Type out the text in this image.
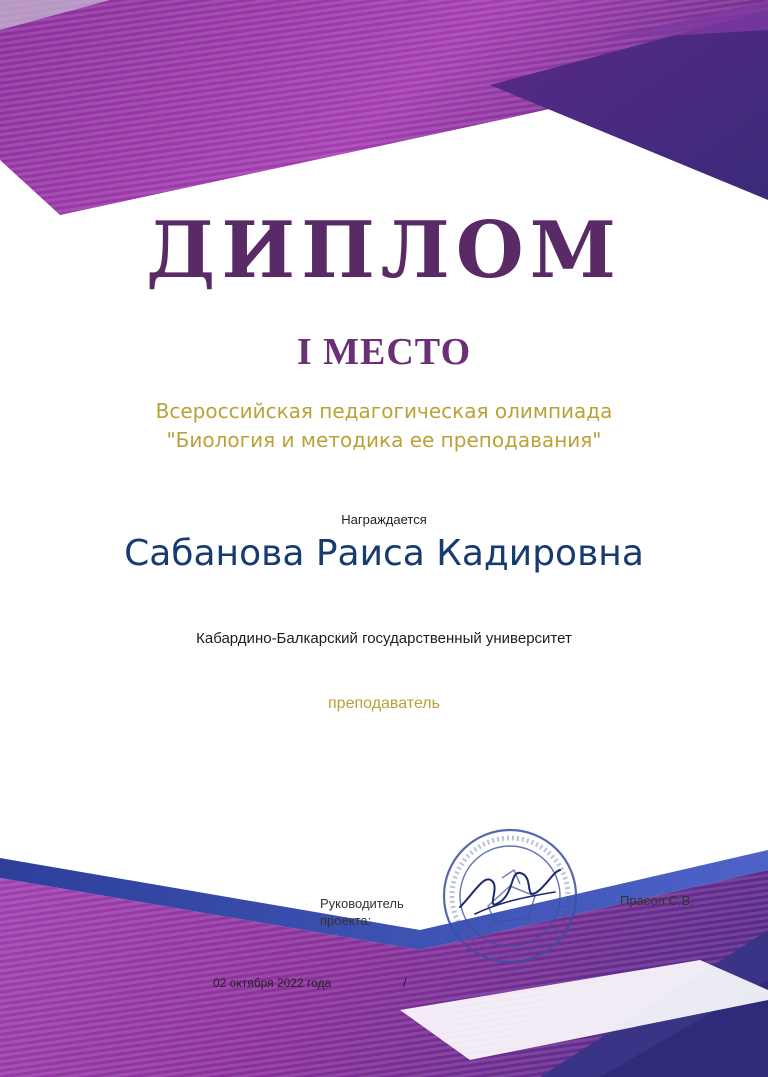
ДИПЛОМ
I МЕСТО
Всероссийская педагогическая олимпиада
"Биология и методика ее преподавания"
Награждается
Сабанова Раиса Кадировна
Кабардино-Балкарский государственный университет
преподаватель
Руководитель
проекта:
Прасол С.В.
02 октября 2022 года	/
